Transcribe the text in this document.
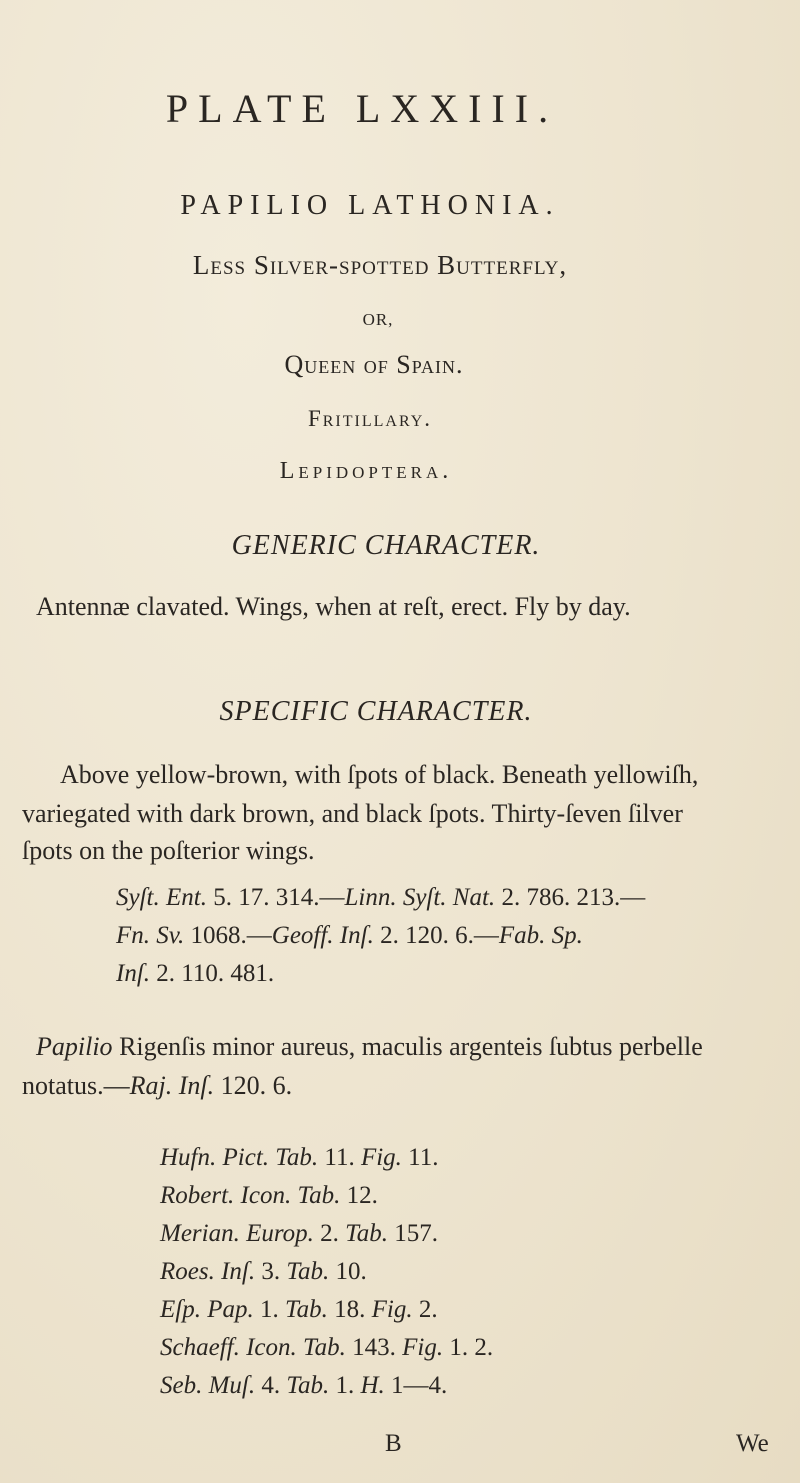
PLATE LXXIII.
PAPILIO LATHONIA.
Less Silver-spotted Butterfly,
OR,
Queen of Spain.
Fritillary.
Lepidoptera.
GENERIC CHARACTER.
Antennæ clavated. Wings, when at reſt, erect. Fly by day.
SPECIFIC CHARACTER.
Above yellow-brown, with ſpots of black. Beneath yellowiſh,
variegated with dark brown, and black ſpots. Thirty-ſeven ſilver
ſpots on the poſterior wings.
Syſt. Ent. 5. 17. 314.—Linn. Syſt. Nat. 2. 786. 213.—
Fn. Sv. 1068.—Geoff. Inſ. 2. 120. 6.—Fab. Sp.
Inſ. 2. 110. 481.
Papilio Rigenſis minor aureus, maculis argenteis ſubtus perbelle
notatus.—Raj. Inſ. 120. 6.
Hufn. Pict. Tab. 11. Fig. 11.
Robert. Icon. Tab. 12.
Merian. Europ. 2. Tab. 157.
Roes. Inſ. 3. Tab. 10.
Eſp. Pap. 1. Tab. 18. Fig. 2.
Schaeff. Icon. Tab. 143. Fig. 1. 2.
Seb. Muſ. 4. Tab. 1. H. 1—4.
B	We
